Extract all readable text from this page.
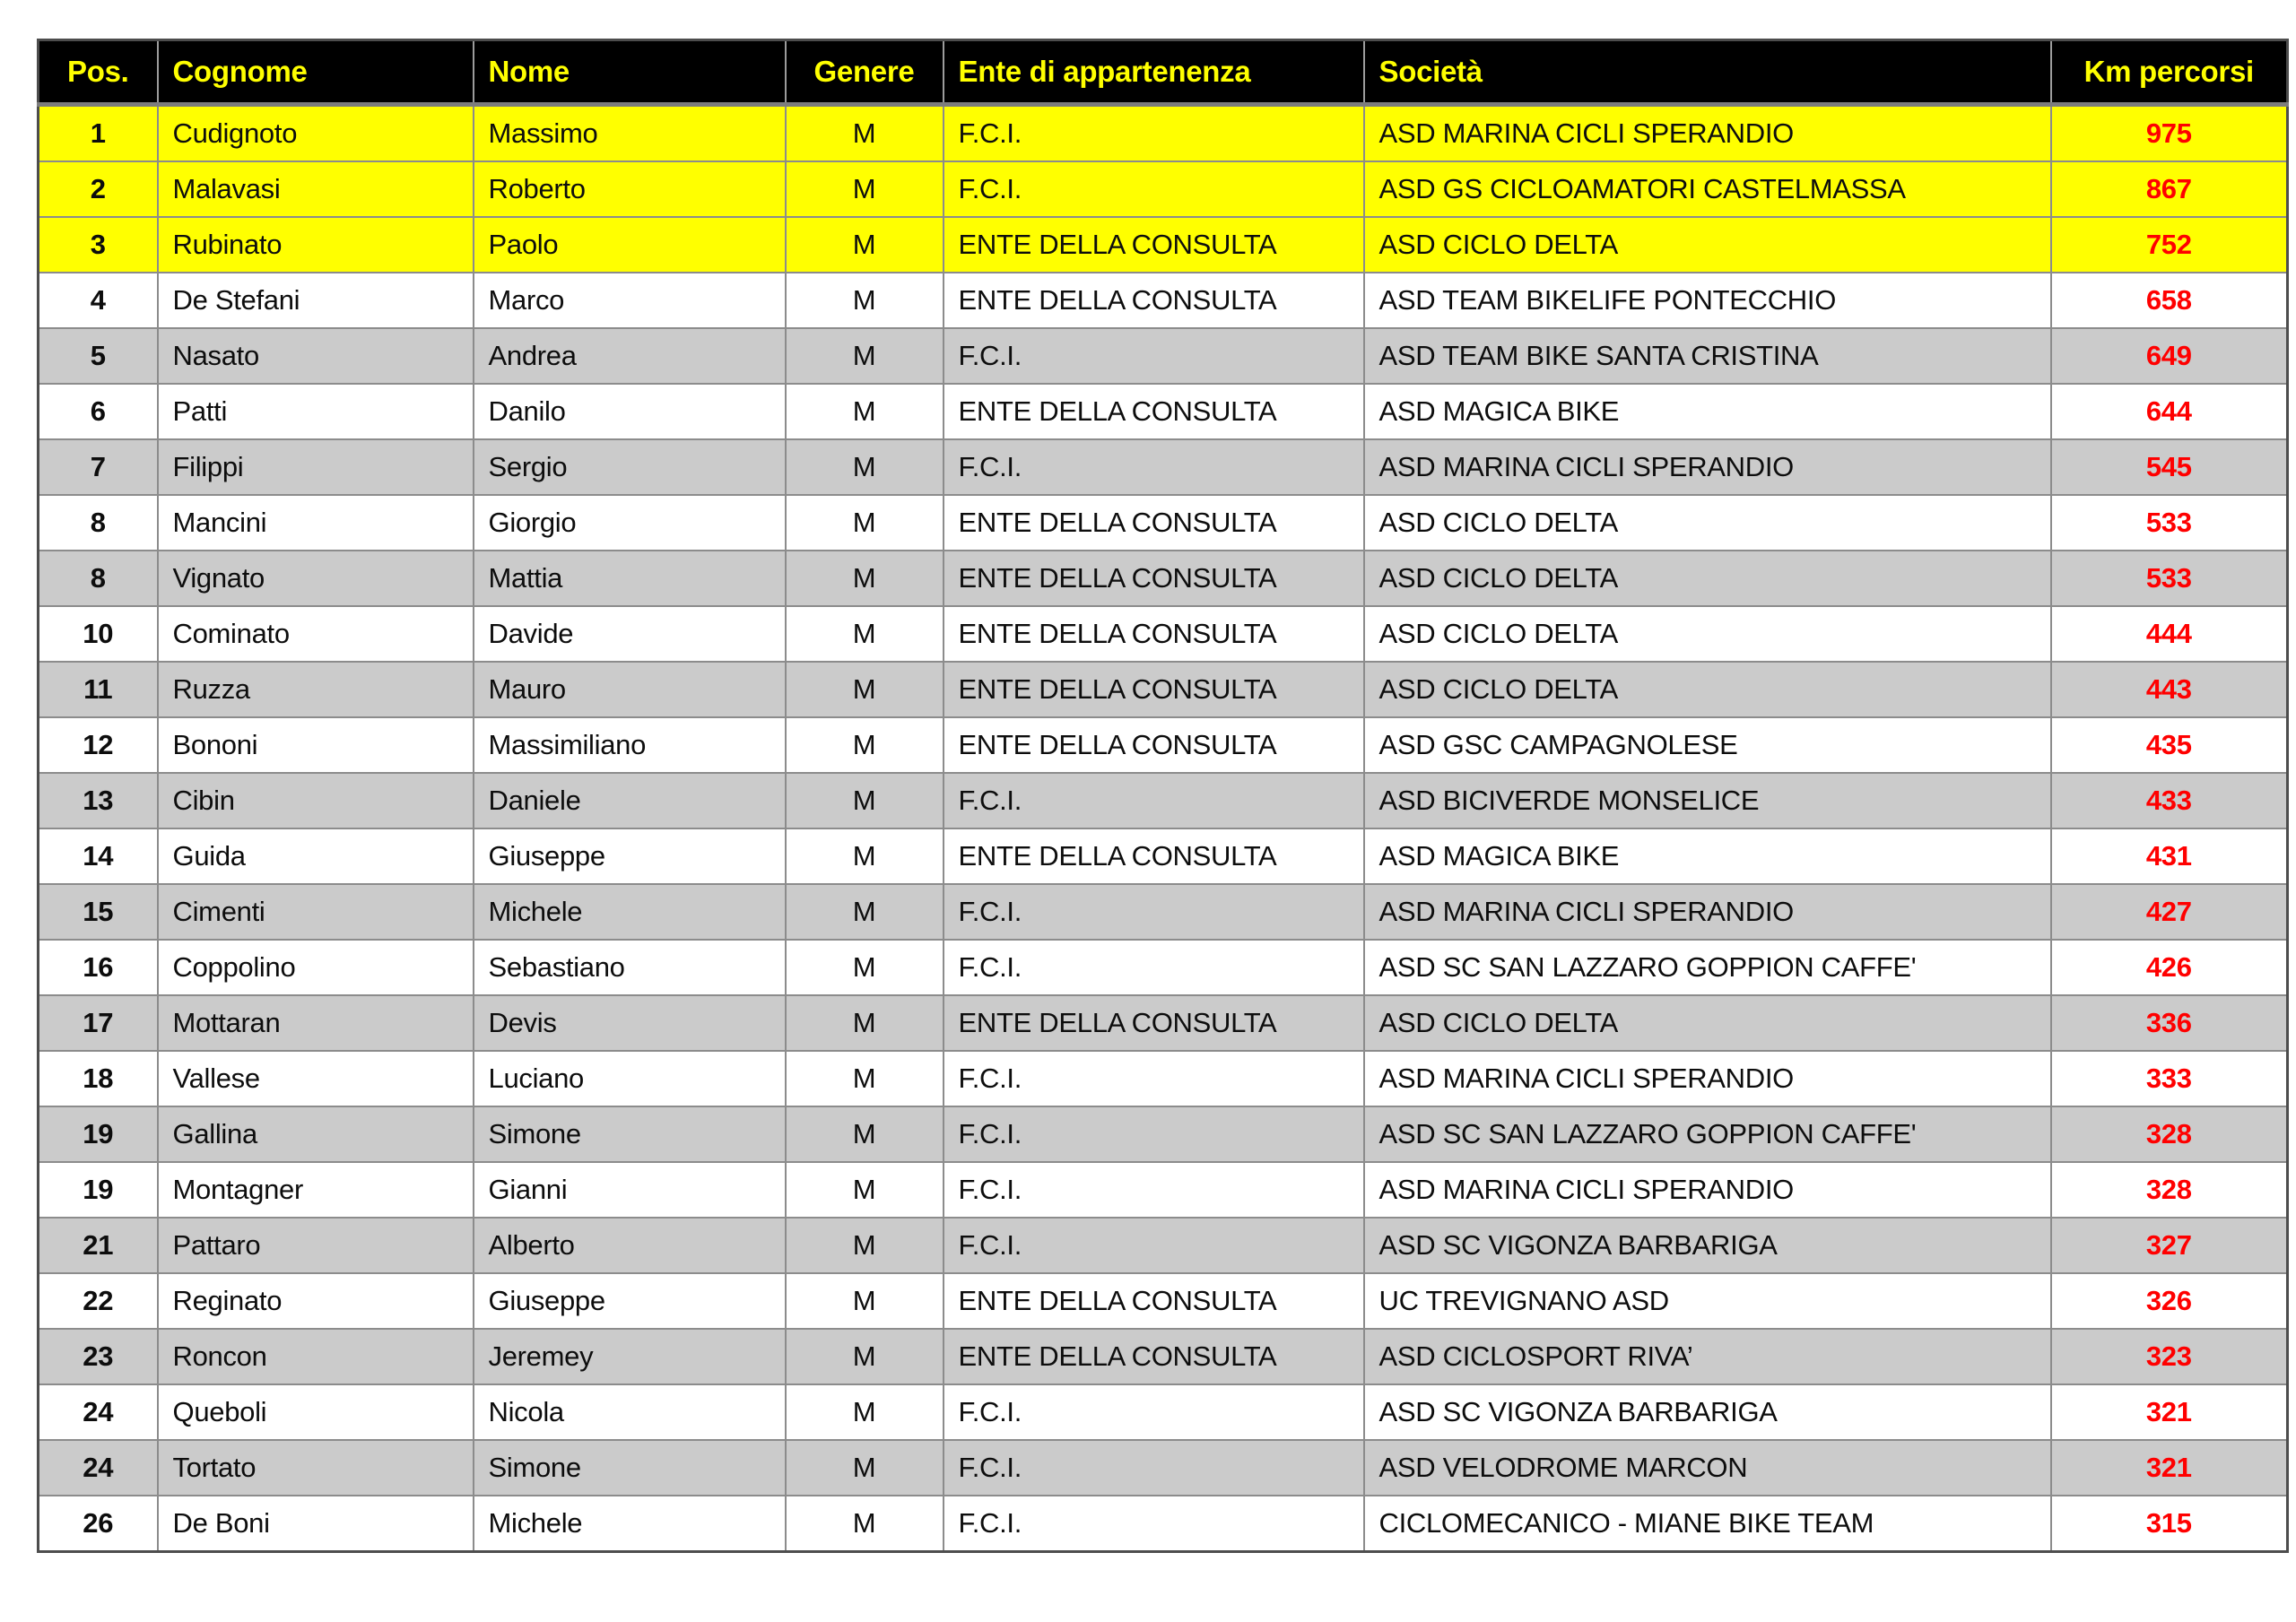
Pos.	Cognome	Nome	Genere	Ente di appartenenza	Società	Km percorsi
1	Cudignoto	Massimo	M	F.C.I.	ASD MARINA CICLI SPERANDIO	975
2	Malavasi	Roberto	M	F.C.I.	ASD GS CICLOAMATORI CASTELMASSA	867
3	Rubinato	Paolo	M	ENTE DELLA CONSULTA	ASD CICLO DELTA	752
4	De Stefani	Marco	M	ENTE DELLA CONSULTA	ASD TEAM BIKELIFE PONTECCHIO	658
5	Nasato	Andrea	M	F.C.I.	ASD TEAM BIKE SANTA CRISTINA	649
6	Patti	Danilo	M	ENTE DELLA CONSULTA	ASD MAGICA BIKE	644
7	Filippi	Sergio	M	F.C.I.	ASD MARINA CICLI SPERANDIO	545
8	Mancini	Giorgio	M	ENTE DELLA CONSULTA	ASD CICLO DELTA	533
8	Vignato	Mattia	M	ENTE DELLA CONSULTA	ASD CICLO DELTA	533
10	Cominato	Davide	M	ENTE DELLA CONSULTA	ASD CICLO DELTA	444
11	Ruzza	Mauro	M	ENTE DELLA CONSULTA	ASD CICLO DELTA	443
12	Bononi	Massimiliano	M	ENTE DELLA CONSULTA	ASD GSC CAMPAGNOLESE	435
13	Cibin	Daniele	M	F.C.I.	ASD BICIVERDE MONSELICE	433
14	Guida	Giuseppe	M	ENTE DELLA CONSULTA	ASD MAGICA BIKE	431
15	Cimenti	Michele	M	F.C.I.	ASD MARINA CICLI SPERANDIO	427
16	Coppolino	Sebastiano	M	F.C.I.	ASD SC SAN LAZZARO GOPPION CAFFE'	426
17	Mottaran	Devis	M	ENTE DELLA CONSULTA	ASD CICLO DELTA	336
18	Vallese	Luciano	M	F.C.I.	ASD MARINA CICLI SPERANDIO	333
19	Gallina	Simone	M	F.C.I.	ASD SC SAN LAZZARO GOPPION CAFFE'	328
19	Montagner	Gianni	M	F.C.I.	ASD MARINA CICLI SPERANDIO	328
21	Pattaro	Alberto	M	F.C.I.	ASD SC VIGONZA BARBARIGA	327
22	Reginato	Giuseppe	M	ENTE DELLA CONSULTA	UC TREVIGNANO ASD	326
23	Roncon	Jeremey	M	ENTE DELLA CONSULTA	ASD CICLOSPORT RIVA’	323
24	Queboli	Nicola	M	F.C.I.	ASD SC VIGONZA BARBARIGA	321
24	Tortato	Simone	M	F.C.I.	ASD VELODROME MARCON	321
26	De Boni	Michele	M	F.C.I.	CICLOMECANICO - MIANE BIKE TEAM	315
